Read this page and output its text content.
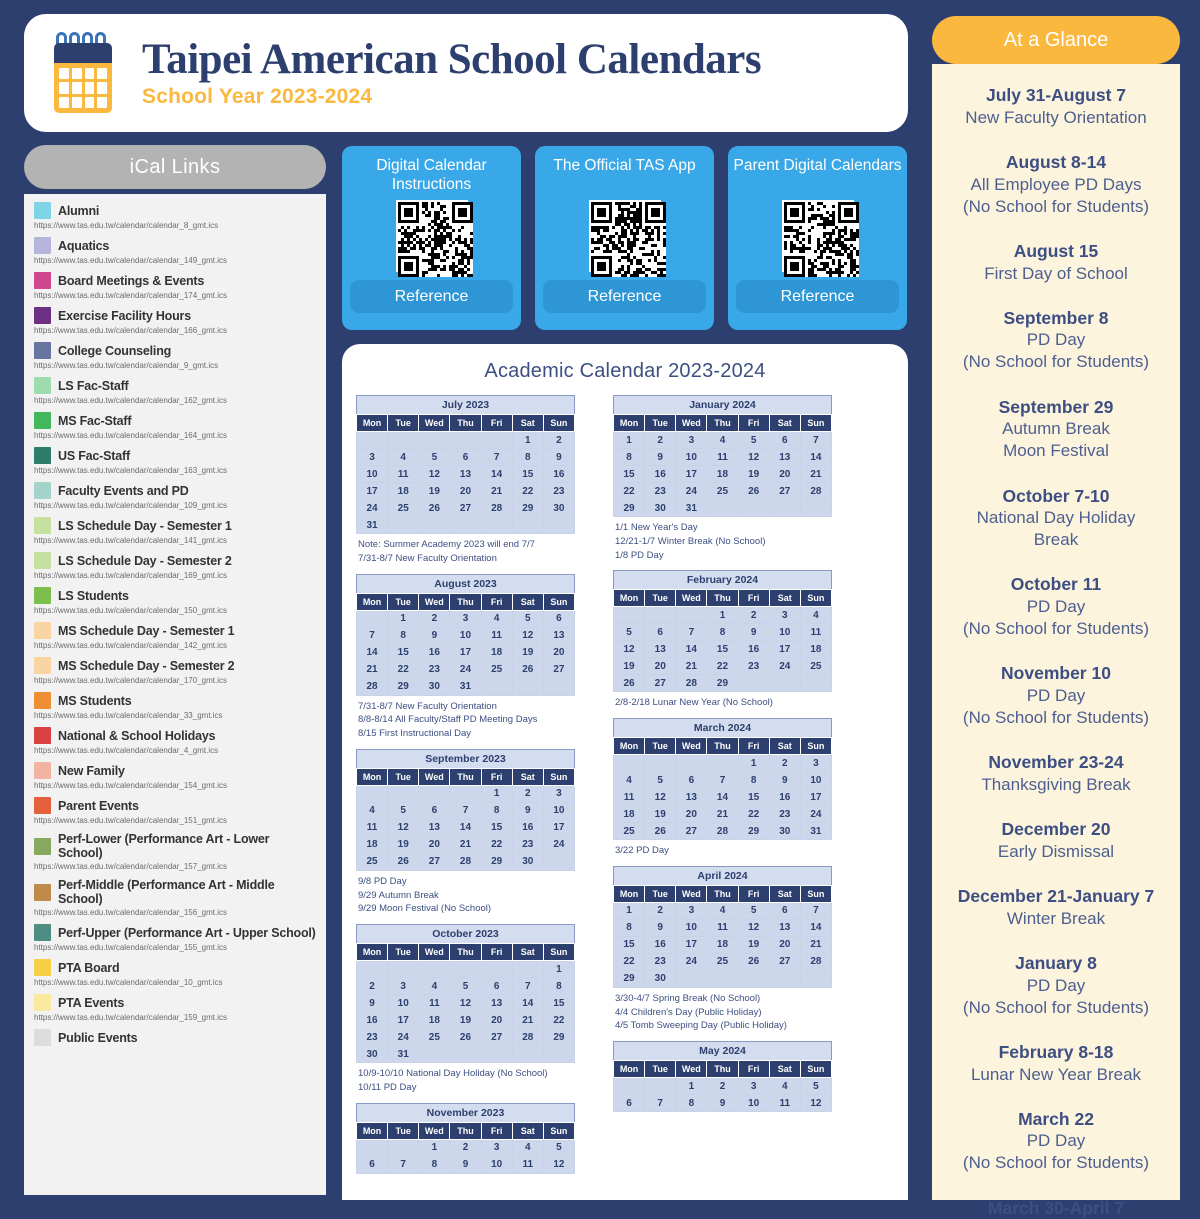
Taipei American School Calendars
School Year 2023-2024
iCal Links
Alumni
https://www.tas.edu.tw/calendar/calendar_8_gmt.ics
Aquatics
https://www.tas.edu.tw/calendar/calendar_149_gmt.ics
Board Meetings & Events
https://www.tas.edu.tw/calendar/calendar_174_gmt.ics
Exercise Facility Hours
https://www.tas.edu.tw/calendar/calendar_166_gmt.ics
College Counseling
https://www.tas.edu.tw/calendar/calendar_9_gmt.ics
LS Fac-Staff
https://www.tas.edu.tw/calendar/calendar_162_gmt.ics
MS Fac-Staff
https://www.tas.edu.tw/calendar/calendar_164_gmt.ics
US Fac-Staff
https://www.tas.edu.tw/calendar/calendar_163_gmt.ics
Faculty Events and PD
https://www.tas.edu.tw/calendar/calendar_109_gmt.ics
LS Schedule Day - Semester 1
https://www.tas.edu.tw/calendar/calendar_141_gmt.ics
LS Schedule Day - Semester 2
https://www.tas.edu.tw/calendar/calendar_169_gmt.ics
LS Students
https://www.tas.edu.tw/calendar/calendar_150_gmt.ics
MS Schedule Day - Semester 1
https://www.tas.edu.tw/calendar/calendar_142_gmt.ics
MS Schedule Day - Semester 2
https://www.tas.edu.tw/calendar/calendar_170_gmt.ics
MS Students
https://www.tas.edu.tw/calendar/calendar_33_gmt.ics
National & School Holidays
https://www.tas.edu.tw/calendar/calendar_4_gmt.ics
New Family
https://www.tas.edu.tw/calendar/calendar_154_gmt.ics
Parent Events
https://www.tas.edu.tw/calendar/calendar_151_gmt.ics
Perf-Lower (Performance Art - Lower School)
https://www.tas.edu.tw/calendar/calendar_157_gmt.ics
Perf-Middle (Performance Art - Middle School)
https://www.tas.edu.tw/calendar/calendar_156_gmt.ics
Perf-Upper (Performance Art - Upper School)
https://www.tas.edu.tw/calendar/calendar_155_gmt.ics
PTA Board
https://www.tas.edu.tw/calendar/calendar_10_gmt.ics
PTA Events
https://www.tas.edu.tw/calendar/calendar_159_gmt.ics
Public Events
Digital Calendar Instructions
Reference
The Official TAS App
Reference
Parent Digital Calendars
Reference
Academic Calendar 2023-2024
July 2023
Mon	Tue	Wed	Thu	Fri	Sat	Sun
					1	2
3	4	5	6	7	8	9
10	11	12	13	14	15	16
17	18	19	20	21	22	23
24	25	26	27	28	29	30
31						
Note: Summer Academy 2023 will end 7/7
7/31-8/7 New Faculty Orientation
August 2023
Mon	Tue	Wed	Thu	Fri	Sat	Sun
	1	2	3	4	5	6
7	8	9	10	11	12	13
14	15	16	17	18	19	20
21	22	23	24	25	26	27
28	29	30	31			
7/31-8/7 New Faculty Orientation
8/8-8/14 All Faculty/Staff PD Meeting Days
8/15 First Instructional Day
September 2023
Mon	Tue	Wed	Thu	Fri	Sat	Sun
				1	2	3
4	5	6	7	8	9	10
11	12	13	14	15	16	17
18	19	20	21	22	23	24
25	26	27	28	29	30	
9/8 PD Day
9/29 Autumn Break
9/29 Moon Festival (No School)
October 2023
Mon	Tue	Wed	Thu	Fri	Sat	Sun
						1
2	3	4	5	6	7	8
9	10	11	12	13	14	15
16	17	18	19	20	21	22
23	24	25	26	27	28	29
30	31					
10/9-10/10 National Day Holiday (No School)
10/11 PD Day
November 2023
Mon	Tue	Wed	Thu	Fri	Sat	Sun
		1	2	3	4	5
6	7	8	9	10	11	12
January 2024
Mon	Tue	Wed	Thu	Fri	Sat	Sun
1	2	3	4	5	6	7
8	9	10	11	12	13	14
15	16	17	18	19	20	21
22	23	24	25	26	27	28
29	30	31				
1/1 New Year's Day
12/21-1/7 Winter Break (No School)
1/8 PD Day
February 2024
Mon	Tue	Wed	Thu	Fri	Sat	Sun
			1	2	3	4
5	6	7	8	9	10	11
12	13	14	15	16	17	18
19	20	21	22	23	24	25
26	27	28	29			
2/8-2/18 Lunar New Year (No School)
March 2024
Mon	Tue	Wed	Thu	Fri	Sat	Sun
				1	2	3
4	5	6	7	8	9	10
11	12	13	14	15	16	17
18	19	20	21	22	23	24
25	26	27	28	29	30	31
3/22 PD Day
April 2024
Mon	Tue	Wed	Thu	Fri	Sat	Sun
1	2	3	4	5	6	7
8	9	10	11	12	13	14
15	16	17	18	19	20	21
22	23	24	25	26	27	28
29	30					
3/30-4/7 Spring Break (No School)
4/4 Children's Day (Public Holiday)
4/5 Tomb Sweeping Day (Public Holiday)
May 2024
Mon	Tue	Wed	Thu	Fri	Sat	Sun
		1	2	3	4	5
6	7	8	9	10	11	12
At a Glance
July 31-August 7
New Faculty Orientation
August 8-14
All Employee PD Days
(No School for Students)
August 15
First Day of School
September 8
PD Day
(No School for Students)
September 29
Autumn Break
Moon Festival
October 7-10
National Day Holiday
Break
October 11
PD Day
(No School for Students)
November 10
PD Day
(No School for Students)
November 23-24
Thanksgiving Break
December 20
Early Dismissal
December 21-January 7
Winter Break
January 8
PD Day
(No School for Students)
February 8-18
Lunar New Year Break
March 22
PD Day
(No School for Students)
March 30-April 7
